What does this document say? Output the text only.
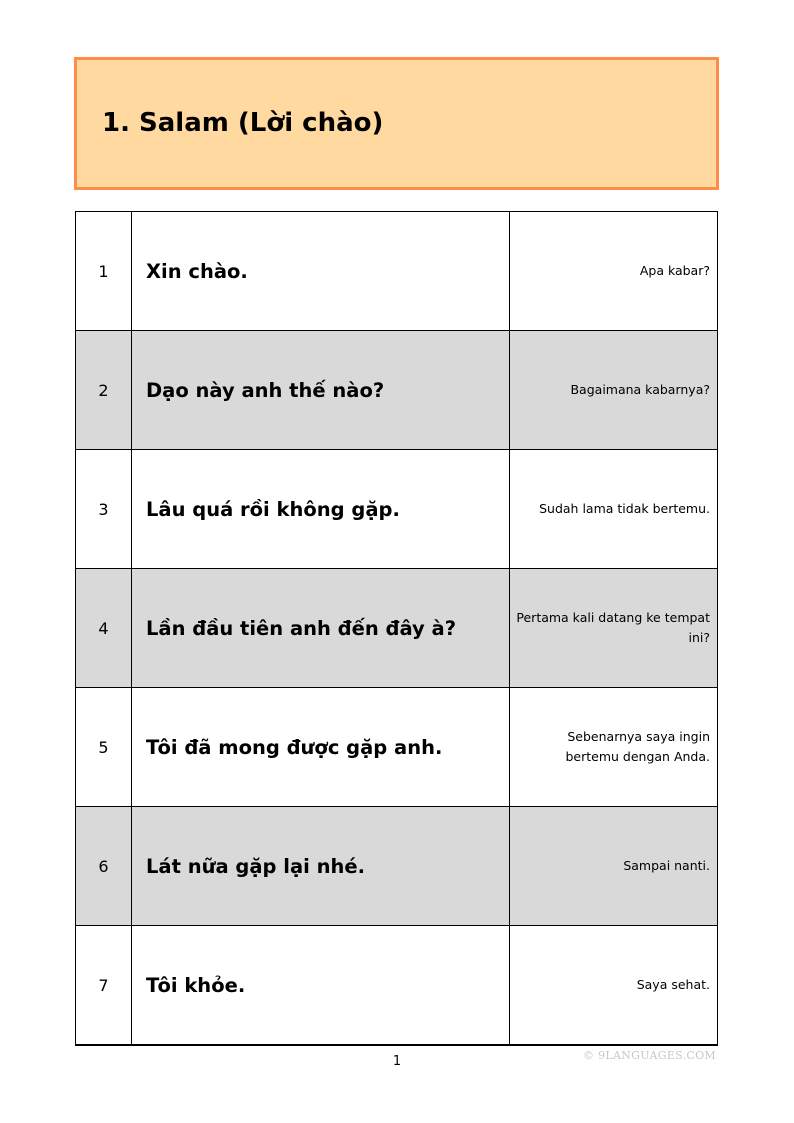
1. Salam (Lời chào)
1	Xin chào.	Apa kabar?
2	Dạo này anh thế nào?	Bagaimana kabarnya?
3	Lâu quá rồi không gặp.	Sudah lama tidak bertemu.
4	Lần đầu tiên anh đến đây à?	Pertama kali datang ke tempat ini?
5	Tôi đã mong được gặp anh.	Sebenarnya saya ingin bertemu dengan Anda.
6	Lát nữa gặp lại nhé.	Sampai nanti.
7	Tôi khỏe.	Saya sehat.
© 9LANGUAGES.COM
1
